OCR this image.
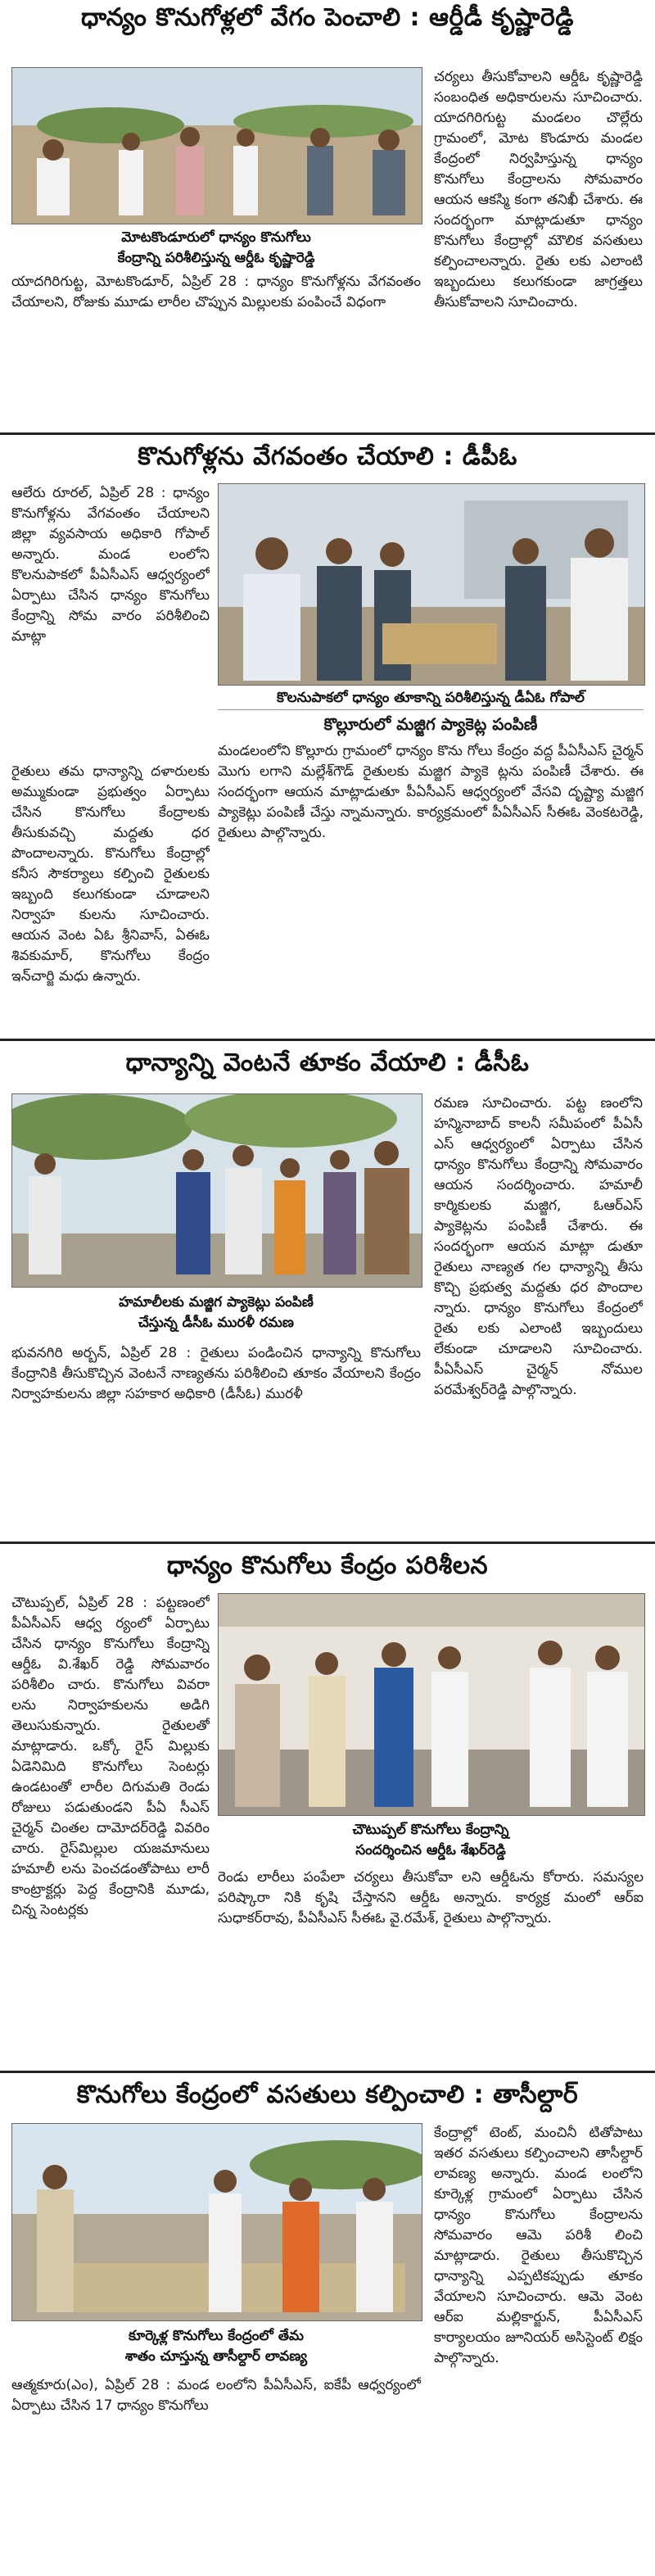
ధాన్యం కొనుగోళ్లలో వేగం పెంచాలి : ఆర్డీడీ కృష్ణారెడ్డి
మోటకొండూరులో ధాన్యం కొనుగోలు
కేంద్రాన్ని పరిశీలిస్తున్న ఆర్డీఓ కృష్ణారెడ్డి
చర్యలు తీసుకోవాలని ఆర్డీఓ కృష్ణారెడ్డి సంబంధిత అధికారులను సూచించారు. యాదగిరిగుట్ట మండలం చొల్లేరు గ్రామంలో, మోట కొండూరు మండల కేంద్రంలో నిర్వహిస్తున్న ధాన్యం కొనుగోలు కేంద్రాలను సోమవారం ఆయన ఆకస్మి కంగా తనిఖీ చేశారు. ఈ సందర్భంగా మాట్లాడుతూ ధాన్యం కొనుగోలు కేంద్రాల్లో మౌలిక వసతులు కల్పించాలన్నారు. రైతు లకు ఎలాంటి ఇబ్బందులు కలుగకుండా జాగ్రత్తలు తీసుకోవాలని సూచించారు.
యాదగిరిగుట్ట, మోటకొండూర్, ఏప్రిల్ 28 : ధాన్యం కొనుగోళ్లను వేగవంతం చేయాలని, రోజుకు మూడు లారీల చొప్పున మిల్లులకు పంపించే విధంగా
కొనుగోళ్లను వేగవంతం చేయాలి : డీపీఓ
ఆలేరు రూరల్, ఏప్రిల్ 28 : ధాన్యం కొనుగోళ్లను వేగవంతం చేయాలని జిల్లా వ్యవసాయ అధికారి గోపాల్ అన్నారు. మండ లంలోని కొలనుపాకలో పీఏసీఎస్ ఆధ్వర్యంలో ఏర్పాటు చేసిన ధాన్యం కొనుగోలు కేంద్రాన్ని సోమ వారం పరిశీలించి మాట్లా
కొలనుపాకలో ధాన్యం తూకాన్ని పరిశీలిస్తున్న డీఏఓ గోపాల్
కొల్లూరులో మజ్జిగ ప్యాకెట్ల పంపిణీ
రైతులు తమ ధాన్యాన్ని దళారులకు అమ్ముకుండా ప్రభుత్వం ఏర్పాటు చేసిన కొనుగోలు కేంద్రాలకు తీసుకువచ్చి మద్దతు ధర పొందాలన్నారు. కొనుగోలు కేంద్రాల్లో కనీస సౌకర్యాలు కల్పించి రైతులకు ఇబ్బంది కలుగకుండా చూడాలని నిర్వాహ కులను సూచించారు. ఆయన వెంట ఏఓ శ్రీనివాస్, ఏఈఓ శివకుమార్, కొనుగోలు కేంద్రం ఇన్‌చార్జి మధు ఉన్నారు.
మండలంలోని కొల్లూరు గ్రామంలో ధాన్యం కొను గోలు కేంద్రం వద్ద పీఏసీఎస్ చైర్మన్ మొగు లగాని మల్లేశ్‌గౌడ్ రైతులకు మజ్జిగ ప్యాకె ట్లను పంపిణీ చేశారు. ఈ సందర్భంగా ఆయన మాట్లాడుతూ పీఏసీఎస్ ఆధ్వర్యంలో వేసవి దృష్ట్యా మజ్జిగ ప్యాకెట్లు పంపిణీ చేస్తు న్నామన్నారు. కార్యక్రమంలో పీఏసీఎస్ సీఈఓ వెంకటరెడ్డి, రైతులు పాల్గొన్నారు.
ధాన్యాన్ని వెంటనే తూకం వేయాలి : డీసీఓ
హమాలీలకు మజ్జిగ ప్యాకెట్లు పంపిణీ
చేస్తున్న డీసీఓ మురళీ రమణ
రమణ సూచించారు. పట్ట ణంలోని హన్మినాబాద్ కాలనీ సమీపంలో పీఏసీ ఎస్ ఆధ్వర్యంలో ఏర్పాటు చేసిన ధాన్యం కొనుగోలు కేంద్రాన్ని సోమవారం ఆయన సందర్శించారు. హమాలీ కార్మికులకు మజ్జిగ, ఓఆర్ఎస్ ప్యాకెట్లను పంపిణీ చేశారు. ఈ సందర్భంగా ఆయన మాట్లా డుతూ రైతులు నాణ్యత గల ధాన్యాన్ని తీసు కొచ్చి ప్రభుత్వ మద్దతు ధర పొందాల న్నారు. ధాన్యం కొనుగోలు కేంద్రంలో రైతు లకు ఎలాంటి ఇబ్బందులు లేకుండా చూడాలని సూచించారు. పీఏసీఎస్ చైర్మన్ నోముల పరమేశ్వర్‌రెడ్డి పాల్గొన్నారు.
భువనగిరి అర్బన్, ఏప్రిల్ 28 : రైతులు పండించిన ధాన్యాన్ని కొనుగోలు కేంద్రానికి తీసుకొచ్చిన వెంటనే నాణ్యతను పరిశీలించి తూకం వేయాలని కేంద్రం నిర్వాహకులను జిల్లా సహకార అధికారి (డీసీఓ) మురళీ
ధాన్యం కొనుగోలు కేంద్రం పరిశీలన
చౌటుప్పల్, ఏప్రిల్ 28 : పట్టణంలో పీఏసీఎస్ ఆధ్వ ర్యంలో ఏర్పాటు చేసిన ధాన్యం కొనుగోలు కేంద్రాన్ని ఆర్డీఓ వి.శేఖర్ రెడ్డి సోమవారం పరిశీలిం చారు. కొనుగోలు వివరా లను నిర్వాహకులను అడిగి తెలుసుకున్నారు. రైతులతో మాట్లాడారు. ఒక్కో రైస్ మిల్లుకు ఏడెనిమిది కొనుగోలు సెంటర్లు ఉండటంతో లారీల దిగుమతి రెండు రోజులు పడుతుండని పీఏ సీఎస్ చైర్మన్ చింతల దామోదర్‌రెడ్డి వివరిం చారు. రైస్‌మిల్లుల యజమానులు హమాలీ లను పెంచడంతోపాటు లారీ కాంట్రాక్టర్లు పెద్ద కేంద్రానికి మూడు, చిన్న సెంటర్లకు
చౌటుప్పల్ కొనుగోలు కేంద్రాన్ని
సందర్శించిన ఆర్డీఓ శేఖర్‌రెడ్డి
రెండు లారీలు పంపేలా చర్యలు తీసుకోవా లని ఆర్డీఓను కోరారు. సమస్యల పరిష్కారా నికి కృషి చేస్తానని ఆర్డీఓ అన్నారు. కార్యక్ర మంలో ఆర్ఐ సుధాకర్‌రావు, పీఏసీఎస్ సీఈఓ వై.రమేశ్, రైతులు పాల్గొన్నారు.
కొనుగోలు కేంద్రంలో వసతులు కల్పించాలి : తాసీల్దార్
కూర్కెళ్ల కొనుగోలు కేంద్రంలో తేమ
శాతం చూస్తున్న తాసీల్దార్ లావణ్య
కేంద్రాల్లో టెంట్, మంచినీ టితోపాటు ఇతర వసతులు కల్పించాలని తాసీల్దార్ లావణ్య అన్నారు. మండ లంలోని కూర్కెళ్ల గ్రామంలో ఏర్పాటు చేసిన ధాన్యం కొనుగోలు కేంద్రాలను సోమవారం ఆమె పరిశీ లించి మాట్లాడారు. రైతులు తీసుకొచ్చిన ధాన్యాన్ని ఎప్పటికప్పుడు తూకం వేయాలని సూచించారు. ఆమె వెంట ఆర్ఐ మల్లికార్జున్, పీఏసీఎస్ కార్యాలయం జూనియర్ అసిస్టెంట్ లిక్షం పాల్గొన్నారు.
ఆత్మకూరు(ఎం), ఏప్రిల్ 28 : మండ లంలోని పీఏసీఎస్, ఐకేపీ ఆధ్వర్యంలో ఏర్పాటు చేసిన 17 ధాన్యం కొనుగోలు
